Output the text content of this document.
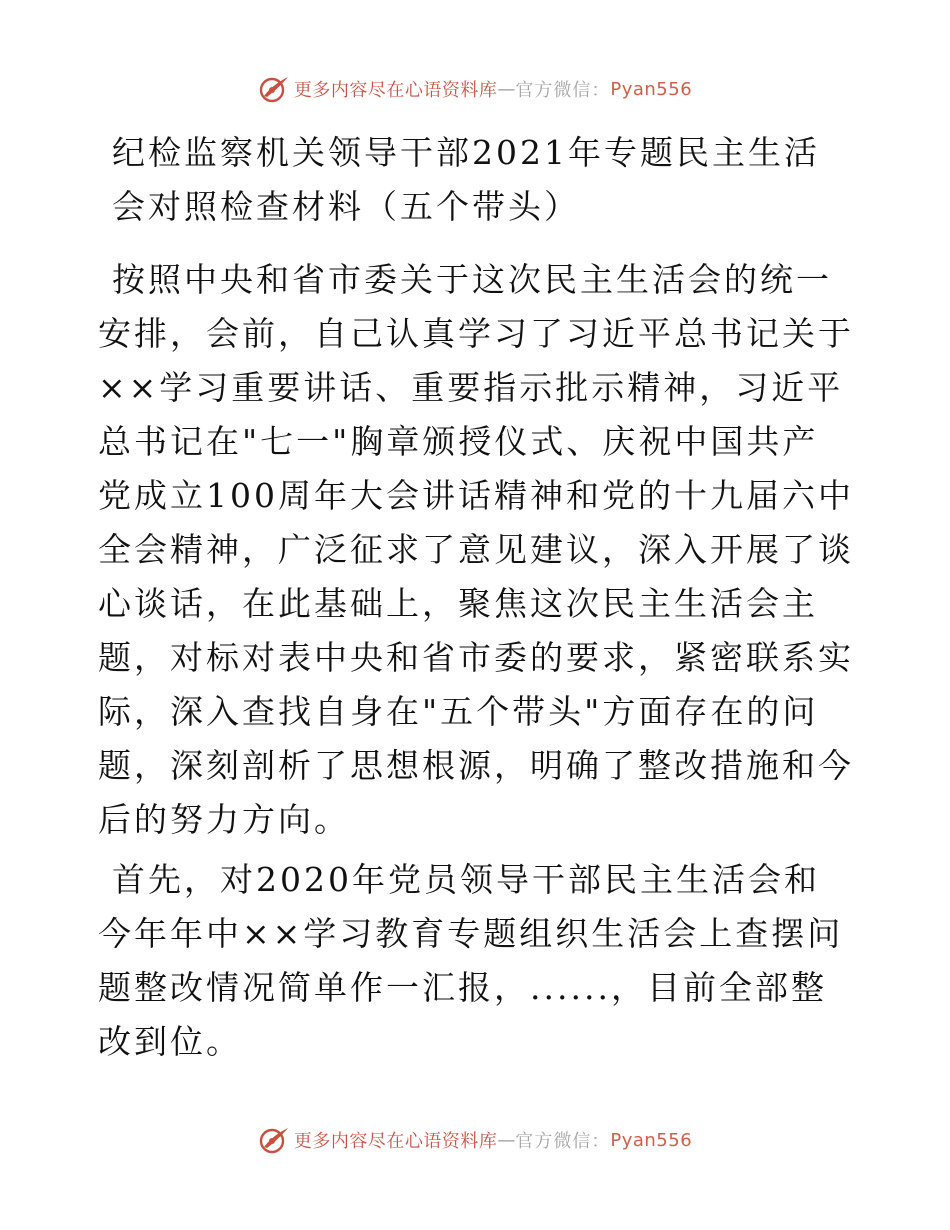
更多内容尽在心语资料库 — 官方微信： Pyan556
纪检监察机关领导干部2021年专题民主生活会对照检查材料（五个带头）

按照中央和省市委关于这次民主生活会的统一安排，会前，自己认真学习了习近平总书记关于××学习重要讲话、重要指示批示精神，习近平总书记在"七一"胸章颁授仪式、庆祝中国共产党成立100周年大会讲话精神和党的十九届六中全会精神，广泛征求了意见建议，深入开展了谈心谈话，在此基础上，聚焦这次民主生活会主题，对标对表中央和省市委的要求，紧密联系实际，深入查找自身在"五个带头"方面存在的问题，深刻剖析了思想根源，明确了整改措施和今后的努力方向。

首先，对2020年党员领导干部民主生活会和今年年中××学习教育专题组织生活会上查摆问题整改情况简单作一汇报，......，目前全部整改到位。

更多内容尽在心语资料库 — 官方微信： Pyan556
